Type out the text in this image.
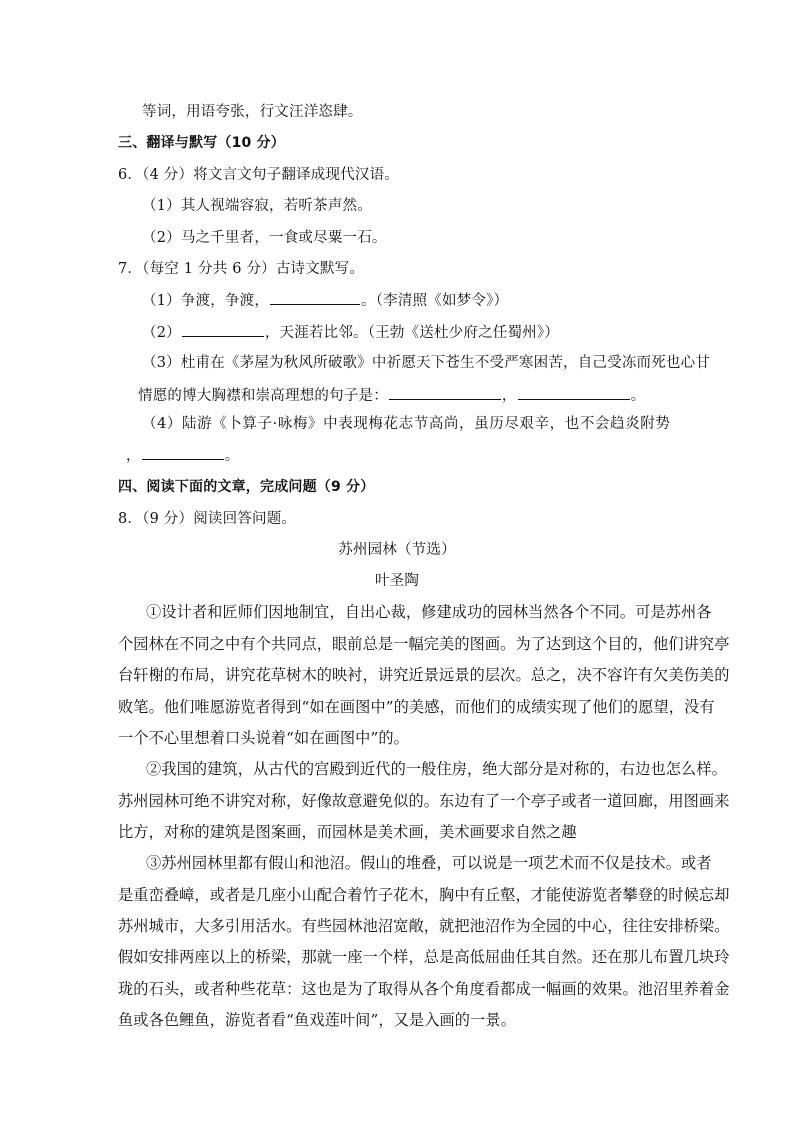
等词，用语夸张，行文汪洋恣肆。
三、翻译与默写（10 分）
6．（4 分）将文言文句子翻译成现代汉语。
（1）其人视端容寂，若听茶声然。
（2）马之千里者，一食或尽粟一石。
7．（每空 1 分共 6 分）古诗文默写。
（1）争渡，争渡，	。（李清照《如梦令》）
（2）	，天涯若比邻。（王勃《送杜少府之任蜀州》）
（3）杜甫在《茅屋为秋风所破歌》中祈愿天下苍生不受严寒困苦，自己受冻而死也心甘
情愿的博大胸襟和崇高理想的句子是：	，	。
（4）陆游《卜算子·咏梅》中表现梅花志节高尚，虽历尽艰辛，也不会趋炎附势
，	。
四、阅读下面的文章，完成问题（9 分）
8．（9 分）阅读回答问题。
苏州园林（节选）
叶圣陶
①设计者和匠师们因地制宜，自出心裁，修建成功的园林当然各个不同。可是苏州各
个园林在不同之中有个共同点，眼前总是一幅完美的图画。为了达到这个目的，他们讲究亭
台轩榭的布局，讲究花草树木的映衬，讲究近景远景的层次。总之，决不容许有欠美伤美的
败笔。他们唯愿游览者得到“如在画图中”的美感，而他们的成绩实现了他们的愿望，没有
一个不心里想着口头说着“如在画图中”的。
②我国的建筑，从古代的宫殿到近代的一般住房，绝大部分是对称的，右边也怎么样。
苏州园林可绝不讲究对称，好像故意避免似的。东边有了一个亭子或者一道回廊，用图画来
比方，对称的建筑是图案画，而园林是美术画，美术画要求自然之趣
③苏州园林里都有假山和池沼。假山的堆叠，可以说是一项艺术而不仅是技术。或者
是重峦叠嶂，或者是几座小山配合着竹子花木，胸中有丘壑，才能使游览者攀登的时候忘却
苏州城市，大多引用活水。有些园林池沼宽敞，就把池沼作为全园的中心，往往安排桥梁。
假如安排两座以上的桥梁，那就一座一个样，总是高低屈曲任其自然。还在那儿布置几块玲
珑的石头，或者种些花草：这也是为了取得从各个角度看都成一幅画的效果。池沼里养着金
鱼或各色鲤鱼，游览者看“鱼戏莲叶间”，又是入画的一景。
